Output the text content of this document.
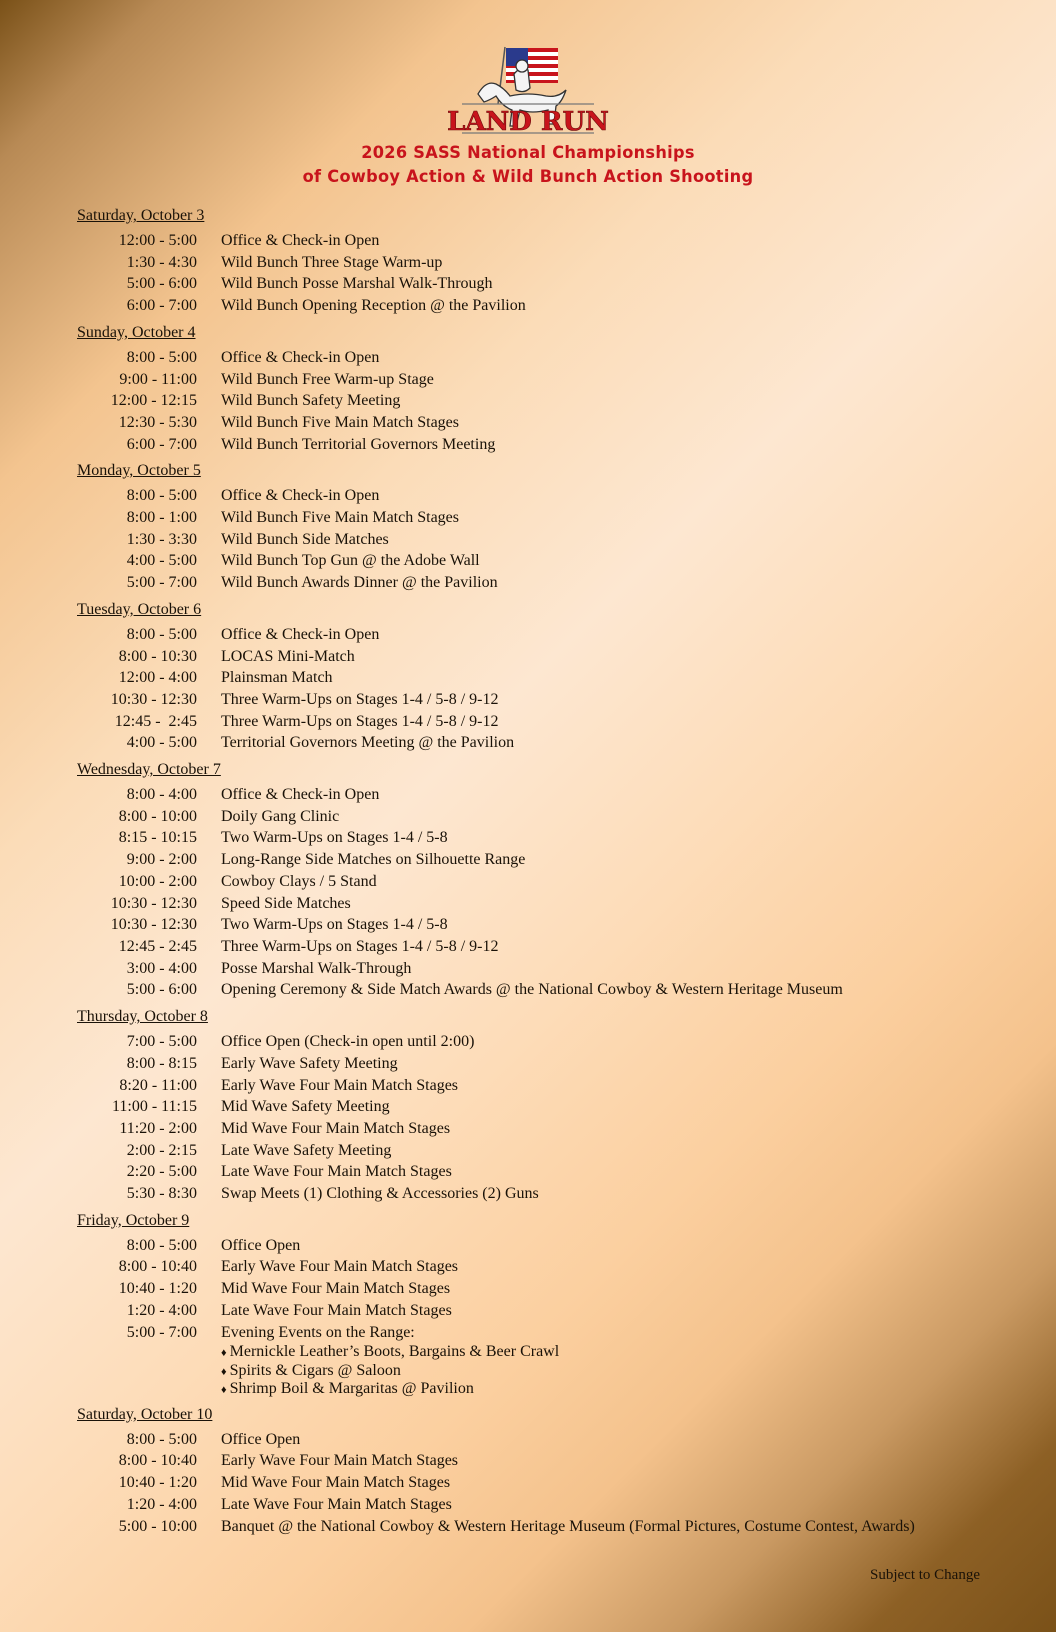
LAND RUN
2026 SASS National Championships
of Cowboy Action & Wild Bunch Action Shooting
Saturday, October 3
12:00 - 5:00 Office & Check-in Open
1:30 - 4:30 Wild Bunch Three Stage Warm-up
5:00 - 6:00 Wild Bunch Posse Marshal Walk-Through
6:00 - 7:00 Wild Bunch Opening Reception @ the Pavilion
Sunday, October 4
8:00 - 5:00 Office & Check-in Open
9:00 - 11:00 Wild Bunch Free Warm-up Stage
12:00 - 12:15 Wild Bunch Safety Meeting
12:30 - 5:30 Wild Bunch Five Main Match Stages
6:00 - 7:00 Wild Bunch Territorial Governors Meeting
Monday, October 5
8:00 - 5:00 Office & Check-in Open
8:00 - 1:00 Wild Bunch Five Main Match Stages
1:30 - 3:30 Wild Bunch Side Matches
4:00 - 5:00 Wild Bunch Top Gun @ the Adobe Wall
5:00 - 7:00 Wild Bunch Awards Dinner @ the Pavilion
Tuesday, October 6
8:00 - 5:00 Office & Check-in Open
8:00 - 10:30 LOCAS Mini-Match
12:00 - 4:00 Plainsman Match
10:30 - 12:30 Three Warm-Ups on Stages 1-4 / 5-8 / 9-12
12:45 -  2:45 Three Warm-Ups on Stages 1-4 / 5-8 / 9-12
4:00 - 5:00 Territorial Governors Meeting @ the Pavilion
Wednesday, October 7
8:00 - 4:00 Office & Check-in Open
8:00 - 10:00 Doily Gang Clinic
8:15 - 10:15 Two Warm-Ups on Stages 1-4 / 5-8
9:00 - 2:00 Long-Range Side Matches on Silhouette Range
10:00 - 2:00 Cowboy Clays / 5 Stand
10:30 - 12:30 Speed Side Matches
10:30 - 12:30 Two Warm-Ups on Stages 1-4 / 5-8
12:45 - 2:45 Three Warm-Ups on Stages 1-4 / 5-8 / 9-12
3:00 - 4:00 Posse Marshal Walk-Through
5:00 - 6:00 Opening Ceremony & Side Match Awards @ the National Cowboy & Western Heritage Museum
Thursday, October 8
7:00 - 5:00 Office Open (Check-in open until 2:00)
8:00 - 8:15 Early Wave Safety Meeting
8:20 - 11:00 Early Wave Four Main Match Stages
11:00 - 11:15 Mid Wave Safety Meeting
11:20 - 2:00 Mid Wave Four Main Match Stages
2:00 - 2:15 Late Wave Safety Meeting
2:20 - 5:00 Late Wave Four Main Match Stages
5:30 - 8:30 Swap Meets (1) Clothing & Accessories (2) Guns
Friday, October 9
8:00 - 5:00 Office Open
8:00 - 10:40 Early Wave Four Main Match Stages
10:40 - 1:20 Mid Wave Four Main Match Stages
1:20 - 4:00 Late Wave Four Main Match Stages
5:00 - 7:00 Evening Events on the Range:
♦ Mernickle Leather’s Boots, Bargains & Beer Crawl
♦ Spirits & Cigars @ Saloon
♦ Shrimp Boil & Margaritas @ Pavilion
Saturday, October 10
8:00 - 5:00 Office Open
8:00 - 10:40 Early Wave Four Main Match Stages
10:40 - 1:20 Mid Wave Four Main Match Stages
1:20 - 4:00 Late Wave Four Main Match Stages
5:00 - 10:00 Banquet @ the National Cowboy & Western Heritage Museum (Formal Pictures, Costume Contest, Awards)
Subject to Change
